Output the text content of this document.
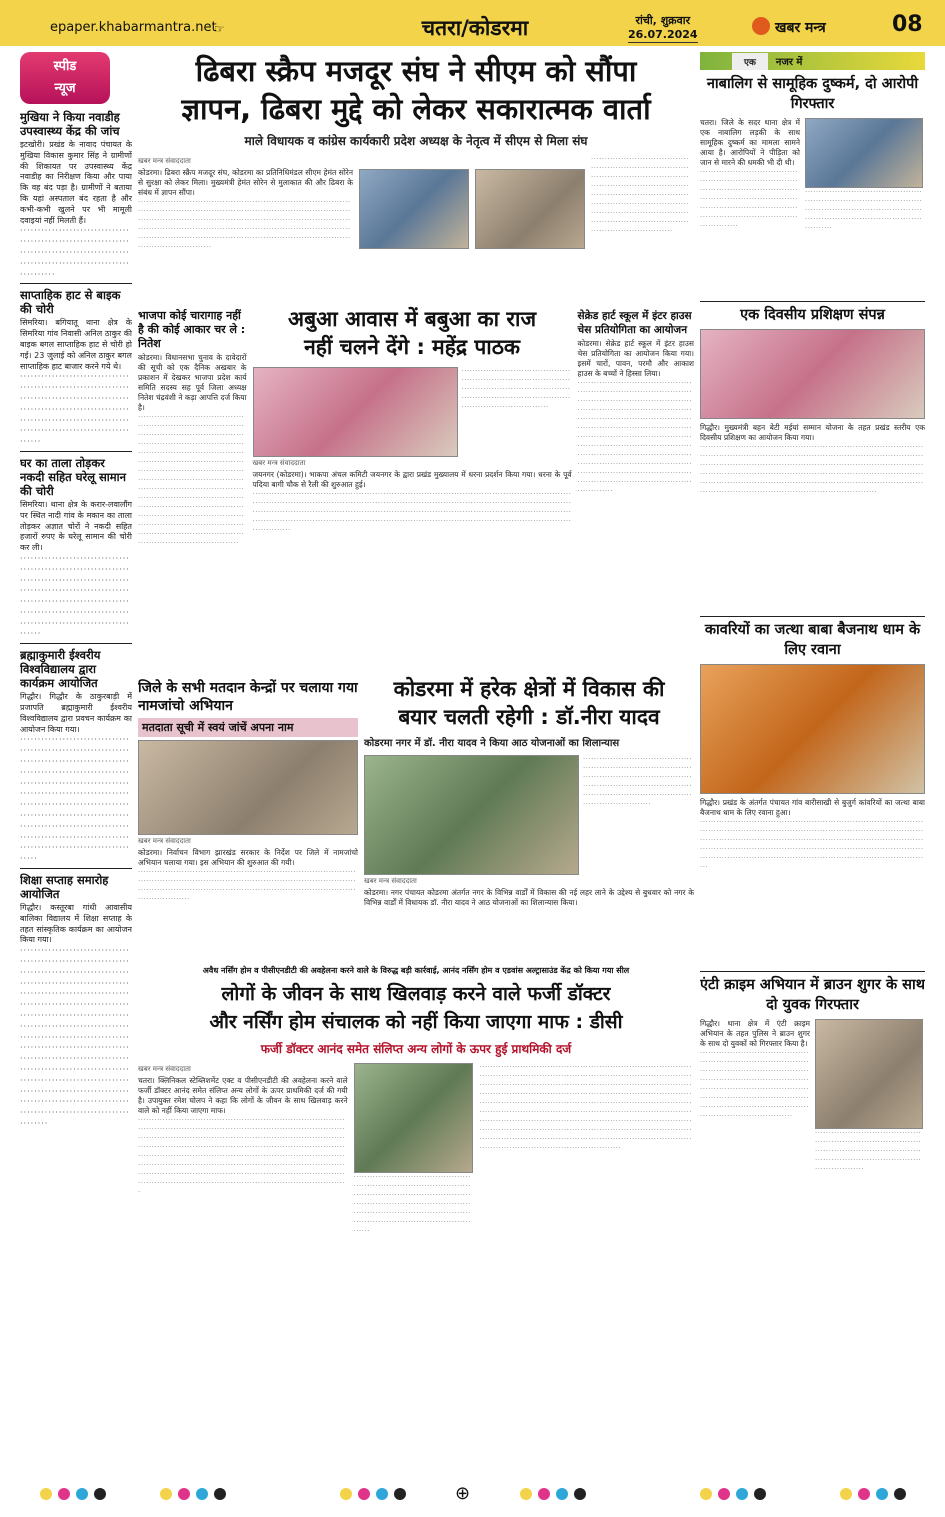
epaper.khabarmantra.net
☞	चतरा/कोडरमा	रांची, शुक्रवार
26.07.2024	खबर मन्त्र	08
स्पीड
न्यूज
मुखिया ने किया नवाडीह उपस्वास्थ्य केंद्र की जांच
इटखोरी। प्रखंड के नावाद पंचायत के मुखिया विकास कुमार सिंह ने ग्रामीणों की शिकायत पर उपस्वास्थ्य केंद्र नवाडीह का निरीक्षण किया और पाया कि वह बंद पड़ा है। ग्रामीणों ने बताया कि यहां अस्पताल बंद रहता है और कभी-कभी खुलने पर भी मामूली दवाइयां नहीं मिलती हैं।
······································································································································
साप्ताहिक हाट से बाइक की चोरी
सिमरिया। बगियातू थाना क्षेत्र के सिमरिया गांव निवासी अनिल ठाकुर की बाइक बगल साप्ताहिक हाट से चोरी हो गई। 23 जुलाई को अनिल ठाकुर बगल साप्ताहिक हाट बाजार करने गये थे।
································································································································································································
घर का ताला तोड़कर नकदी सहित घरेलू सामान की चोरी
सिमरिया। थाना क्षेत्र के करार-लवालौंग पर स्थित नादी गांव के मकान का ताला तोड़कर अज्ञात चोरों ने नकदी सहित हजारों रुपए के घरेलू सामान की चोरी कर ली।
·······························································································································································································································
ब्रह्माकुमारी ईश्वरीय विश्वविद्यालय द्वारा कार्यक्रम आयोजित
गिद्धौर। गिद्धौर के ठाकुरबाड़ी में प्रजापति ब्रह्माकुमारी ईश्वरीय विश्वविद्यालय द्वारा प्रवचन कार्यक्रम का आयोजन किया गया।
··························································································································································································································································································································································
शिक्षा सप्ताह समारोह आयोजित
गिद्धौर। कस्तूरबा गांधी आवासीय बालिका विद्यालय में शिक्षा सप्ताह के तहत सांस्कृतिक कार्यक्रम का आयोजन किया गया।
························································································································································································································································································································································································································································································································
ढिबरा स्क्रैप मजदूर संघ ने सीएम को सौंपा
ज्ञापन, ढिबरा मुद्दे को लेकर सकारात्मक वार्ता
माले विधायक व कांग्रेस कार्यकारी प्रदेश अध्यक्ष के नेतृत्व में सीएम से मिला संघ
खबर मन्त्र संवाददाता
कोडरमा। ढिबरा स्क्रैप मजदूर संघ, कोडरमा का प्रतिनिधिमंडल सीएम हेमंत सोरेन से सुरक्षा को लेकर मिला। मुख्यमंत्री हेमंत सोरेन से मुलाकात की और ढिबरा के संबंध में ज्ञापन सौंपा।
·································································································································································································································································································································································································································
······························································································································································································································································································································
भाजपा कोई चारागाह नहीं है की कोई आकार चर ले : नितेश
कोडरमा। विधानसभा चुनाव के दावेदारों की सूची को एक दैनिक अखबार के प्रकाशन में देखकर भाजपा प्रदेश कार्य समिति सदस्य सह पूर्व जिला अध्यक्ष नितेश चंद्रवंशी ने कड़ा आपत्ति दर्ज किया है।
·······································································································································································································································································································································································································································································································································································································
अबुआ आवास में बबुआ का राज
नहीं चलने देंगे : महेंद्र पाठक
································································································································································································
खबर मन्त्र संवाददाता
जयनगर (कोडरमा)। भाकपा अंचल कमिटी जयनगर के द्वारा प्रखंड मुख्यालय में धरना प्रदर्शन किया गया। धरना के पूर्व पदिया बागी चौक से रैली की शुरुआत हुई।
··································································································································································································································································································································································································································································································
सेक्रेड हार्ट स्कूल में इंटर हाउस चेस प्रतियोगिता का आयोजन
कोडरमा। सेक्रेड हार्ट स्कूल में इंटर हाउस चेस प्रतियोगिता का आयोजन किया गया। इसमें चारों, पावन, परमौ और आकाश हाउस के बच्चों ने हिस्सा लिया।
·····································································································································································································································································································································································································································································································································
जिले के सभी मतदान केन्द्रों पर चलाया गया नामजांचो अभियान
मतदाता सूची में स्वयं जांचें अपना नाम
खबर मन्त्र संवाददाता
कोडरमा। निर्वाचन विभाग झारखंड सरकार के निर्देश पर जिले में नामजांचो अभियान चलाया गया। इस अभियान की शुरुआत की गयी।
···································································································································································································································································
कोडरमा में हरेक क्षेत्रों में विकास की
बयार चलती रहेगी : डॉ.नीरा यादव
कोडरमा नगर में डॉ. नीरा यादव ने किया आठ योजनाओं का शिलान्यास
·································································································································································································································
खबर मन्त्र संवाददाता
कोडरमा। नगर पंचायत कोडरमा अंतर्गत नगर के विभिन्न वार्डों में विकास की नई लहर लाने के उद्देश्य से बुधवार को नगर के विभिन्न वार्डों में विधायक डॉ. नीरा यादव ने आठ योजनाओं का शिलान्यास किया।
अवैध नर्सिंग होम व पीसीएनडीटी की अवहेलना करने वाले के विरुद्ध बड़ी कार्रवाई, आनंद नर्सिंग होम व एडवांस अल्ट्रासाउंड केंद्र को किया गया सील
लोगों के जीवन के साथ खिलवाड़ करने वाले फर्जी डॉक्टर
और नर्सिंग होम संचालक को नहीं किया जाएगा माफ : डीसी
फर्जी डॉक्टर आनंद समेत संलिप्त अन्य लोगों के ऊपर हुई प्राथमिकी दर्ज
खबर मन्त्र संवाददाता
चतरा। क्लिनिकल स्टेब्लिशमेंट एक्ट व पीसीएनडीटी की अवहेलना करने वाले फर्जी डॉक्टर आनंद समेत संलिप्त अन्य लोगों के ऊपर प्राथमिकी दर्ज की गयी है। उपायुक्त रमेश घोलप ने कहा कि लोगों के जीवन के साथ खिलवाड़ करने वाले को नहीं किया जाएगा माफ।
·································································································································································································································································································································································································································································································································································································································
········································································································································································································································································
··················································································································································································································································································································································································································································································································································································································································································································································································
एक	नजर में
नाबालिग से सामूहिक दुष्कर्म, दो आरोपी गिरफ्तार
चतरा। जिले के सदर थाना क्षेत्र में एक नाबालिग लड़की के साथ सामूहिक दुष्कर्म का मामला सामने आया है। आरोपियों ने पीड़िता को जान से मारने की धमकी भी दी थी।
······································································································································································································································
······················································································································································································
एक दिवसीय प्रशिक्षण संपन्न
गिद्धौर। मुख्यमंत्री बहन बेटी मईयां सम्मान योजना के तहत प्रखंड स्तरीय एक दिवसीय प्रशिक्षण का आयोजन किया गया।
···························································································································································································································································································································································································································································································
कावरियों का जत्था बाबा बैजनाथ धाम के लिए रवाना
गिद्धौर। प्रखंड के अंतर्गत पंचायत गांव बारीसाखी से बुजुर्ग कांवरियों का जत्था बाबा बैजनाथ धाम के लिए रवाना हुआ।
·····························································································································································································································································································································································································································
एंटी क्राइम अभियान में ब्राउन शुगर के साथ दो युवक गिरफ्तार
गिद्धौर। थाना क्षेत्र में एंटी क्राइम अभियान के तहत पुलिस ने ब्राउन शुगर के साथ दो युवकों को गिरफ्तार किया है।
··························································································································································································································································································································
··············································································································································································
⊕
